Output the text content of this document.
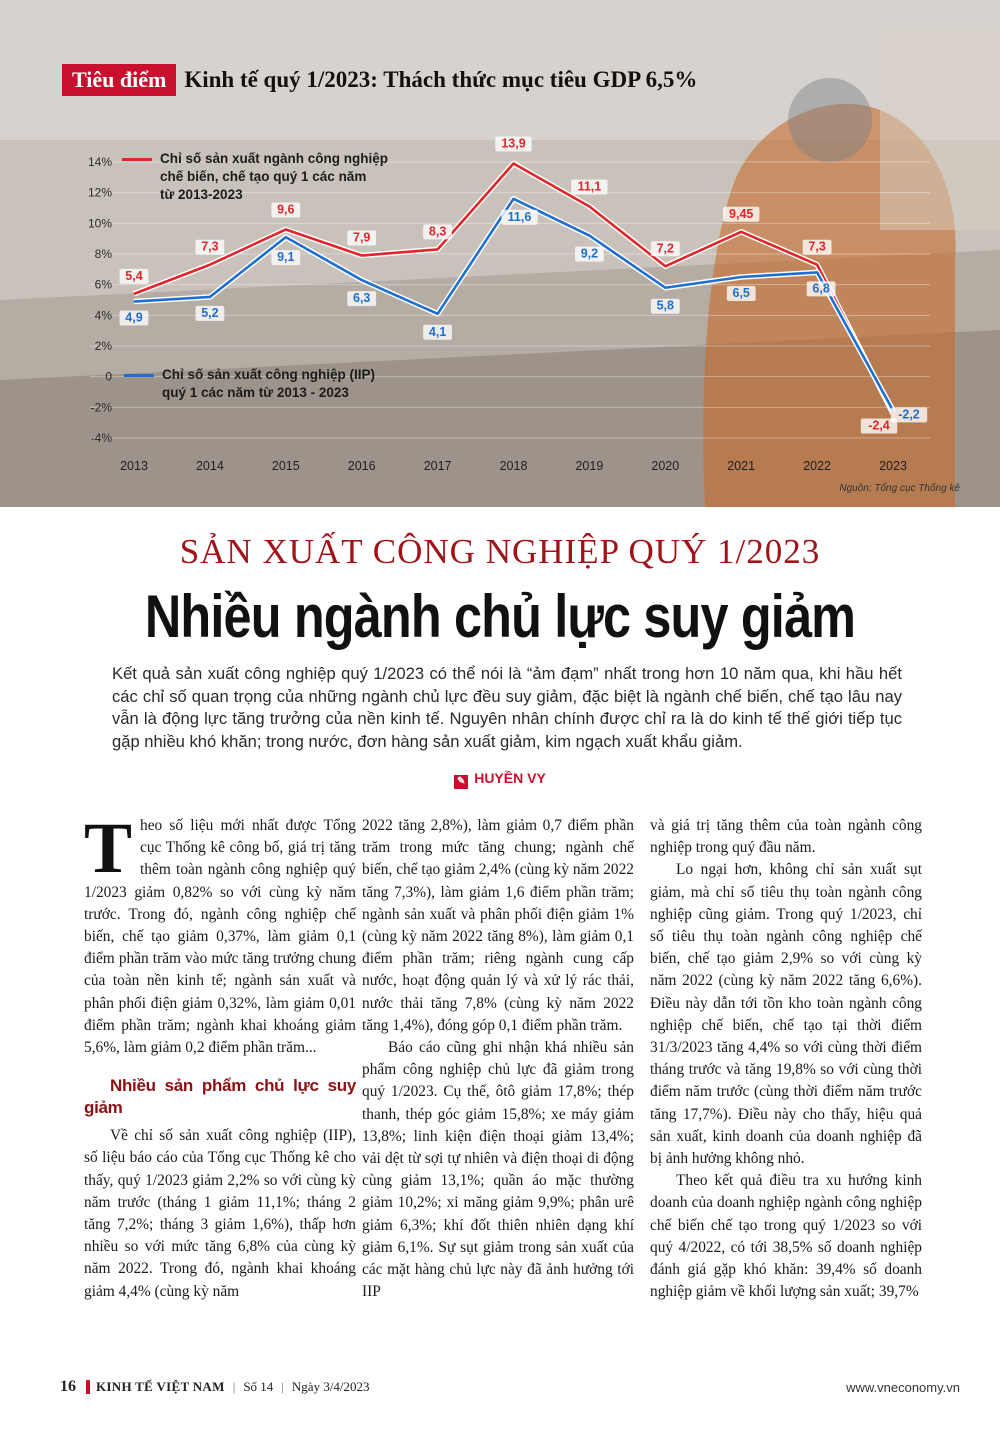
14%
12%
10%
8%
6%
4%
2%
0
-2%
-4%
2013	2014	2015	2016	2017	2018	2019	2020	2021	2022	2023
5,4
7,3
9,6
7,9	8,3
13,9
11,1
7,2
9,45
7,3
-2,4
4,9	5,2
9,1
6,3
4,1
11,6
9,2
5,8
6,5	6,8
-2,2
Tiêu điểm Kinh tế quý 1/2023: Thách thức mục tiêu GDP 6,5%
Chỉ số sản xuất ngành công nghiệp
chế biến, chế tạo quý 1 các năm
từ 2013-2023
Chỉ số sản xuất công nghiệp (IIP)
quý 1 các năm từ 2013 - 2023
Nguồn: Tổng cục Thống kê
SẢN XUẤT CÔNG NGHIỆP QUÝ 1/2023
Nhiều ngành chủ lực suy giảm
Kết quả sản xuất công nghiệp quý 1/2023 có thể nói là “ảm đạm” nhất trong hơn 10 năm qua, khi hầu hết các chỉ số quan trọng của những ngành chủ lực đều suy giảm, đặc biệt là ngành chế biến, chế tạo lâu nay vẫn là động lực tăng trưởng của nền kinh tế. Nguyên nhân chính được chỉ ra là do kinh tế thế giới tiếp tục gặp nhiều khó khăn; trong nước, đơn hàng sản xuất giảm, kim ngạch xuất khẩu giảm.
✎ HUYỀN VY

Theo số liệu mới nhất được Tổng cục Thống kê công bố, giá trị tăng thêm toàn ngành công nghiệp quý 1/2023 giảm 0,82% so với cùng kỳ năm trước. Trong đó, ngành công nghiệp chế biến, chế tạo giảm 0,37%, làm giảm 0,1 điểm phần trăm vào mức tăng trưởng chung của toàn nền kinh tế; ngành sản xuất và phân phối điện giảm 0,32%, làm giảm 0,01 điểm phần trăm; ngành khai khoáng giảm 5,6%, làm giảm 0,2 điểm phần trăm...

Nhiều sản phẩm chủ lực suy giảm

Về chỉ số sản xuất công nghiệp (IIP), số liệu báo cáo của Tổng cục Thống kê cho thấy, quý 1/2023 giảm 2,2% so với cùng kỳ năm trước (tháng 1 giảm 11,1%; tháng 2 tăng 7,2%; tháng 3 giảm 1,6%), thấp hơn nhiều so với mức tăng 6,8% của cùng kỳ năm 2022. Trong đó, ngành khai khoáng giảm 4,4% (cùng kỳ năm

2022 tăng 2,8%), làm giảm 0,7 điểm phần trăm trong mức tăng chung; ngành chế biến, chế tạo giảm 2,4% (cùng kỳ năm 2022 tăng 7,3%), làm giảm 1,6 điểm phần trăm; ngành sản xuất và phân phối điện giảm 1% (cùng kỳ năm 2022 tăng 8%), làm giảm 0,1 điểm phần trăm; riêng ngành cung cấp nước, hoạt động quản lý và xử lý rác thải, nước thải tăng 7,8% (cùng kỳ năm 2022 tăng 1,4%), đóng góp 0,1 điểm phần trăm.

Báo cáo cũng ghi nhận khá nhiều sản phẩm công nghiệp chủ lực đã giảm trong quý 1/2023. Cụ thể, ôtô giảm 17,8%; thép thanh, thép góc giảm 15,8%; xe máy giảm 13,8%; linh kiện điện thoại giảm 13,4%; vải dệt từ sợi tự nhiên và điện thoại di động cùng giảm 13,1%; quần áo mặc thường giảm 10,2%; xi măng giảm 9,9%; phân urê giảm 6,3%; khí đốt thiên nhiên dạng khí giảm 6,1%. Sự sụt giảm trong sản xuất của các mặt hàng chủ lực này đã ảnh hưởng tới IIP

và giá trị tăng thêm của toàn ngành công nghiệp trong quý đầu năm.

Lo ngại hơn, không chỉ sản xuất sụt giảm, mà chỉ số tiêu thụ toàn ngành công nghiệp cũng giảm. Trong quý 1/2023, chỉ số tiêu thụ toàn ngành công nghiệp chế biến, chế tạo giảm 2,9% so với cùng kỳ năm 2022 (cùng kỳ năm 2022 tăng 6,6%). Điều này dẫn tới tồn kho toàn ngành công nghiệp chế biến, chế tạo tại thời điểm 31/3/2023 tăng 4,4% so với cùng thời điểm tháng trước và tăng 19,8% so với cùng thời điểm năm trước (cùng thời điểm năm trước tăng 17,7%). Điều này cho thấy, hiệu quả sản xuất, kinh doanh của doanh nghiệp đã bị ảnh hưởng không nhỏ.

Theo kết quả điều tra xu hướng kinh doanh của doanh nghiệp ngành công nghiệp chế biến chế tạo trong quý 1/2023 so với quý 4/2022, có tới 38,5% số doanh nghiệp đánh giá gặp khó khăn: 39,4% số doanh nghiệp giảm về khối lượng sản xuất; 39,7%

16 KINH TẾ VIỆT NAM | Số 14 | Ngày 3/4/2023	www.vneconomy.vn
